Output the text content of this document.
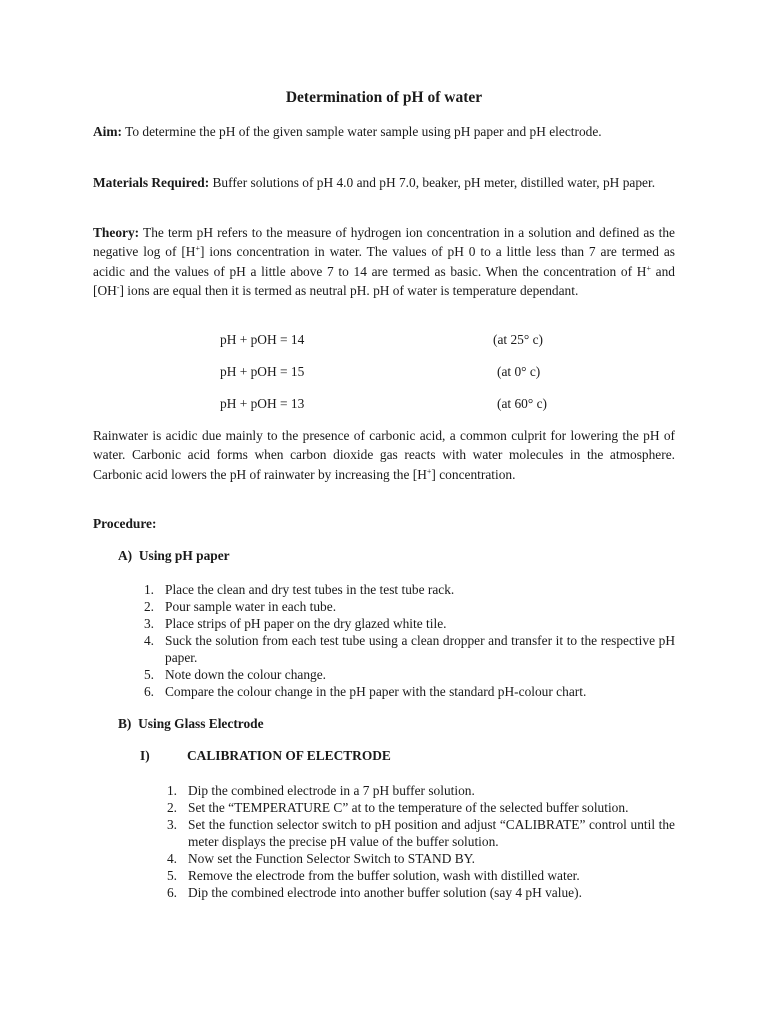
Determination of pH of water
Aim: To determine the pH of the given sample water sample using pH paper and pH electrode.
Materials Required: Buffer solutions of pH 4.0 and pH 7.0, beaker, pH meter, distilled water, pH paper.
Theory: The term pH refers to the measure of hydrogen ion concentration in a solution and defined as the negative log of [H+] ions concentration in water. The values of pH 0 to a little less than 7 are termed as acidic and the values of pH a little above 7 to 14 are termed as basic. When the concentration of H+ and [OH-] ions are equal then it is termed as neutral pH. pH of water is temperature dependant.
pH + pOH = 14	(at 25° c)
pH + pOH = 15	(at 0° c)
pH + pOH = 13	(at 60° c)
Rainwater is acidic due mainly to the presence of carbonic acid, a common culprit for lowering the pH of water. Carbonic acid forms when carbon dioxide gas reacts with water molecules in the atmosphere. Carbonic acid lowers the pH of rainwater by increasing the [H+] concentration.
Procedure:
A)  Using pH paper
1. Place the clean and dry test tubes in the test tube rack.
2. Pour sample water in each tube.
3. Place strips of pH paper on the dry glazed white tile.
4. Suck the solution from each test tube using a clean dropper and transfer it to the respective pH paper.
5. Note down the colour change.
6. Compare the colour change in the pH paper with the standard pH-colour chart.
B)  Using Glass Electrode
I)	CALIBRATION OF ELECTRODE
1. Dip the combined electrode in a 7 pH buffer solution.
2. Set the “TEMPERATURE C” at to the temperature of the selected buffer solution.
3. Set the function selector switch to pH position and adjust “CALIBRATE” control until the meter displays the precise pH value of the buffer solution.
4. Now set the Function Selector Switch to STAND BY.
5. Remove the electrode from the buffer solution, wash with distilled water.
6. Dip the combined electrode into another buffer solution (say 4 pH value).
